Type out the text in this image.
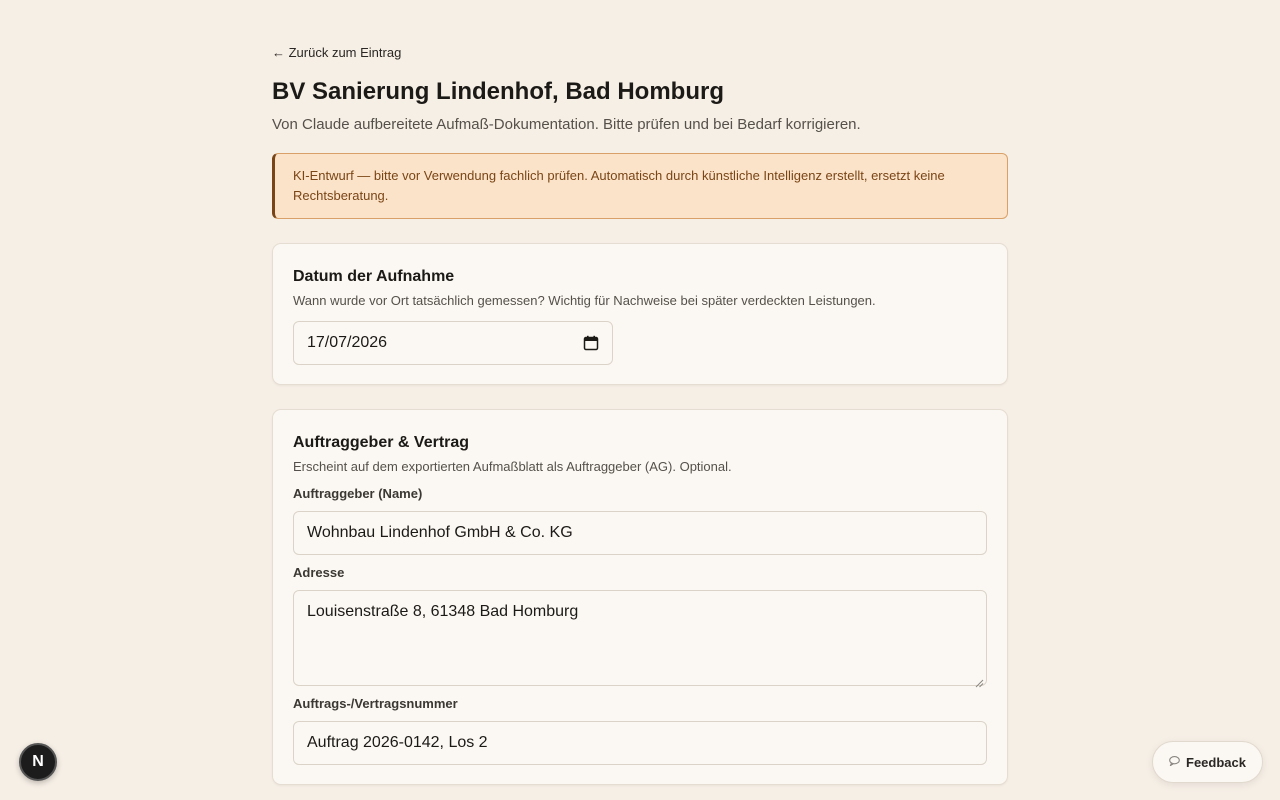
← Zurück zum Eintrag
BV Sanierung Lindenhof, Bad Homburg

Von Claude aufbereitete Aufmaß-Dokumentation. Bitte prüfen und bei Bedarf korrigieren.

KI-Entwurf — bitte vor Verwendung fachlich prüfen. Automatisch durch künstliche Intelligenz erstellt, ersetzt keine Rechtsberatung.
Datum der Aufnahme

Wann wurde vor Ort tatsächlich gemessen? Wichtig für Nachweise bei später verdeckten Leistungen.

17/07/2026
Auftraggeber & Vertrag

Erscheint auf dem exportierten Aufmaßblatt als Auftraggeber (AG). Optional.

Auftraggeber (Name)
Wohnbau Lindenhof GmbH & Co. KG
Adresse
Louisenstraße 8, 61348 Bad Homburg
Auftrags-/Vertragsnummer
Auftrag 2026-0142, Los 2
N	Feedback
